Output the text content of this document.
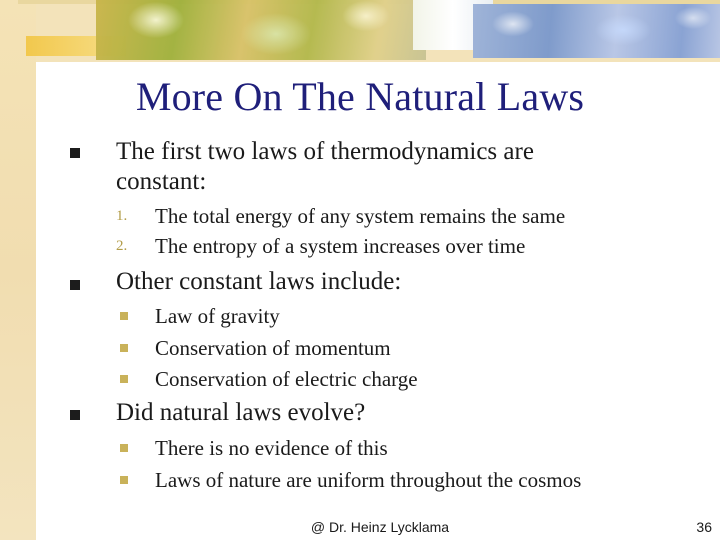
More On The Natural Laws
The first two laws of thermodynamics are
constant:
1. The total energy of any system remains the same
2. The entropy of a system increases over time
Other constant laws include:
Law of gravity
Conservation of momentum
Conservation of electric charge
Did natural laws evolve?
There is no evidence of this
Laws of nature are uniform throughout the cosmos
@ Dr. Heinz Lycklama	36
